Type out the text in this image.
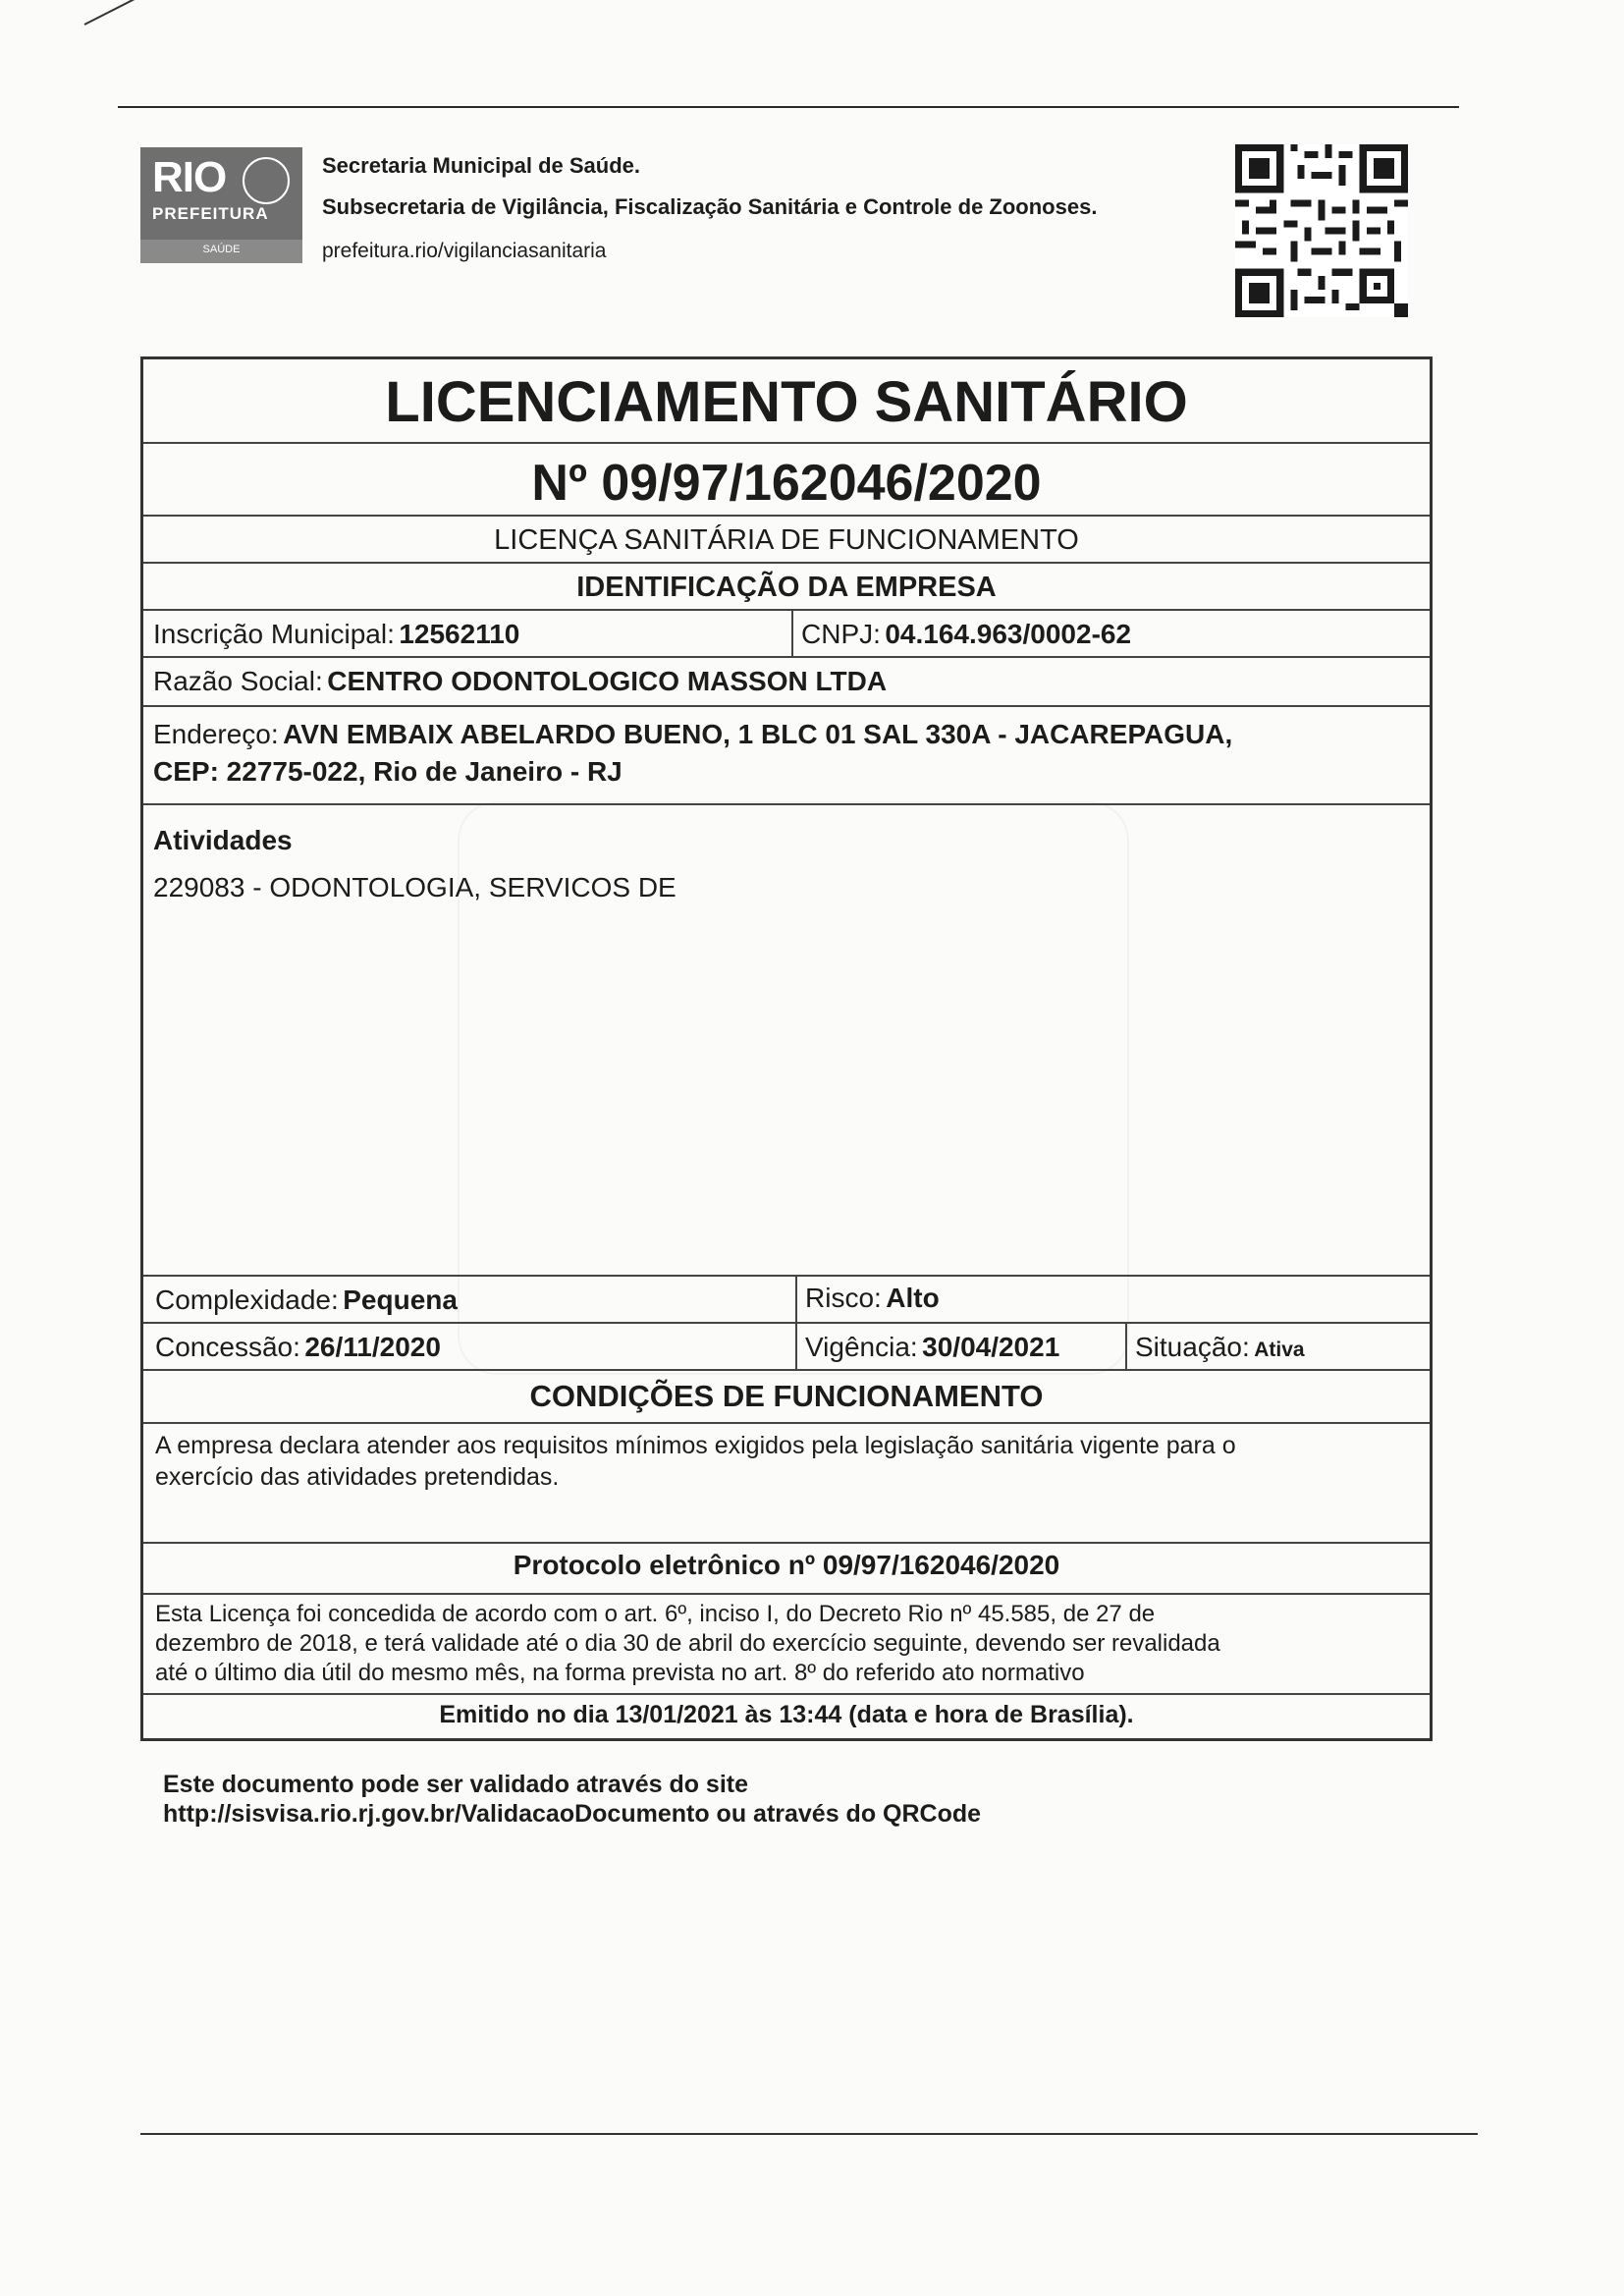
RIO
PREFEITURA
SAÚDE
Secretaria Municipal de Saúde.
Subsecretaria de Vigilância, Fiscalização Sanitária e Controle de Zoonoses.
prefeitura.rio/vigilanciasanitaria
LICENCIAMENTO SANITÁRIO
Nº 09/97/162046/2020
LICENÇA SANITÁRIA DE FUNCIONAMENTO
IDENTIFICAÇÃO DA EMPRESA
Inscrição Municipal: 12562110	CNPJ: 04.164.963/0002-62
Razão Social: CENTRO ODONTOLOGICO MASSON LTDA
Endereço: AVN EMBAIX ABELARDO BUENO, 1 BLC 01 SAL 330A - JACAREPAGUA,
CEP: 22775-022, Rio de Janeiro - RJ
Atividades
229083 - ODONTOLOGIA, SERVICOS DE
Complexidade: Pequena	Risco: Alto
Concessão: 26/11/2020	Vigência: 30/04/2021	Situação: Ativa
CONDIÇÕES DE FUNCIONAMENTO
A empresa declara atender aos requisitos mínimos exigidos pela legislação sanitária vigente para o
exercício das atividades pretendidas.
Protocolo eletrônico nº 09/97/162046/2020
Esta Licença foi concedida de acordo com o art. 6º, inciso I, do Decreto Rio nº 45.585, de 27 de
dezembro de 2018, e terá validade até o dia 30 de abril do exercício seguinte, devendo ser revalidada
até o último dia útil do mesmo mês, na forma prevista no art. 8º do referido ato normativo
Emitido no dia 13/01/2021 às 13:44 (data e hora de Brasília).
Este documento pode ser validado através do site
http://sisvisa.rio.rj.gov.br/ValidacaoDocumento ou através do QRCode
